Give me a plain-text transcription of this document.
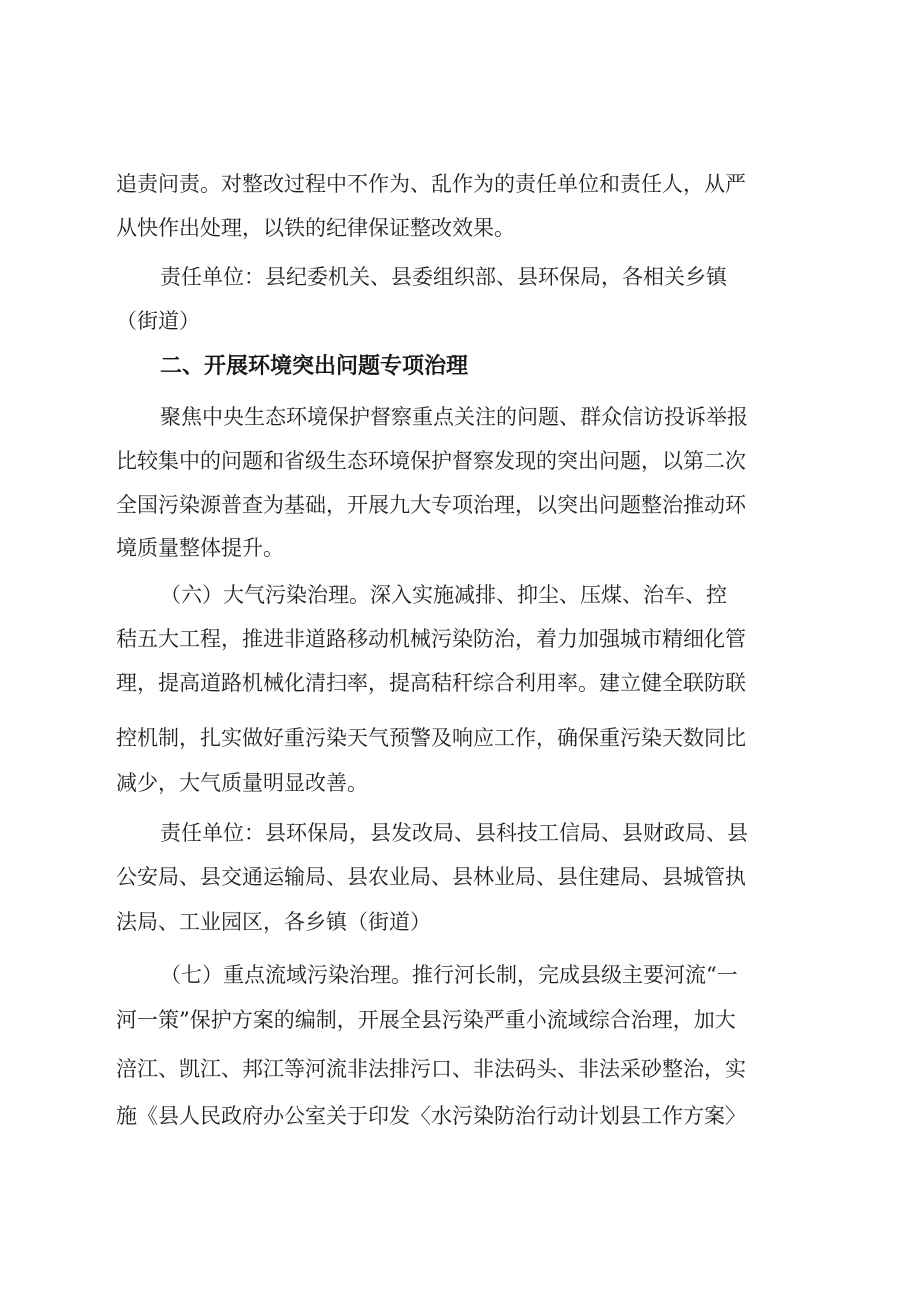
追责问责。对整改过程中不作为、乱作为的责任单位和责任人，从严

从快作出处理，以铁的纪律保证整改效果。

责任单位：县纪委机关、县委组织部、县环保局，各相关乡镇

（街道）

二、开展环境突出问题专项治理

聚焦中央生态环境保护督察重点关注的问题、群众信访投诉举报

比较集中的问题和省级生态环境保护督察发现的突出问题，以第二次

全国污染源普查为基础，开展九大专项治理，以突出问题整治推动环

境质量整体提升。

（六）大气污染治理。深入实施减排、抑尘、压煤、治车、控

秸五大工程，推进非道路移动机械污染防治，着力加强城市精细化管

理，提高道路机械化清扫率，提高秸秆综合利用率。建立健全联防联

控机制，扎实做好重污染天气预警及响应工作，确保重污染天数同比

减少，大气质量明显改善。

责任单位：县环保局，县发改局、县科技工信局、县财政局、县

公安局、县交通运输局、县农业局、县林业局、县住建局、县城管执

法局、工业园区，各乡镇（街道）

（七）重点流域污染治理。推行河长制，完成县级主要河流“一

河一策”保护方案的编制，开展全县污染严重小流域综合治理，加大

涪江、凯江、邦江等河流非法排污口、非法码头、非法采砂整治，实

施《县人民政府办公室关于印发〈水污染防治行动计划县工作方案〉
